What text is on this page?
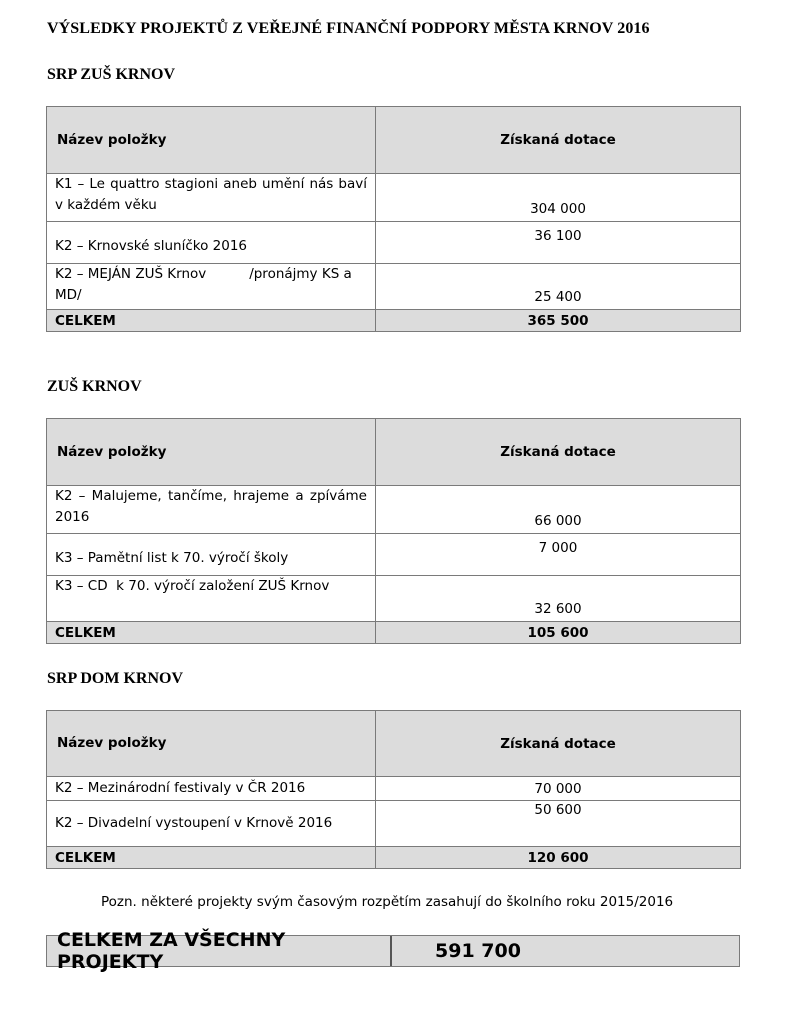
VÝSLEDKY PROJEKTŮ Z VEŘEJNÉ FINANČNÍ PODPORY MĚSTA KRNOV 2016
SRP ZUŠ KRNOV
Název položky	Získaná dotace
K1 – Le quattro stagioni aneb umění nás baví v každém věku	304 000
K2 – Krnovské sluníčko 2016	36 100
K2 – MEJÁN ZUŠ Krnov          /pronájmy KS a MD/	25 400
CELKEM	365 500
ZUŠ KRNOV
Název položky	Získaná dotace
K2 – Malujeme, tančíme, hrajeme a zpíváme 2016	66 000
K3 – Pamětní list k 70. výročí školy	7 000
K3 – CD  k 70. výročí založení ZUŠ Krnov	32 600
CELKEM	105 600
SRP DOM KRNOV
Název položky	Získaná dotace
K2 – Mezinárodní festivaly v ČR 2016	70 000
K2 – Divadelní vystoupení v Krnově 2016	50 600
CELKEM	120 600
Pozn. některé projekty svým časovým rozpětím zasahují do školního roku 2015/2016
CELKEM ZA VŠECHNY PROJEKTY	591 700
